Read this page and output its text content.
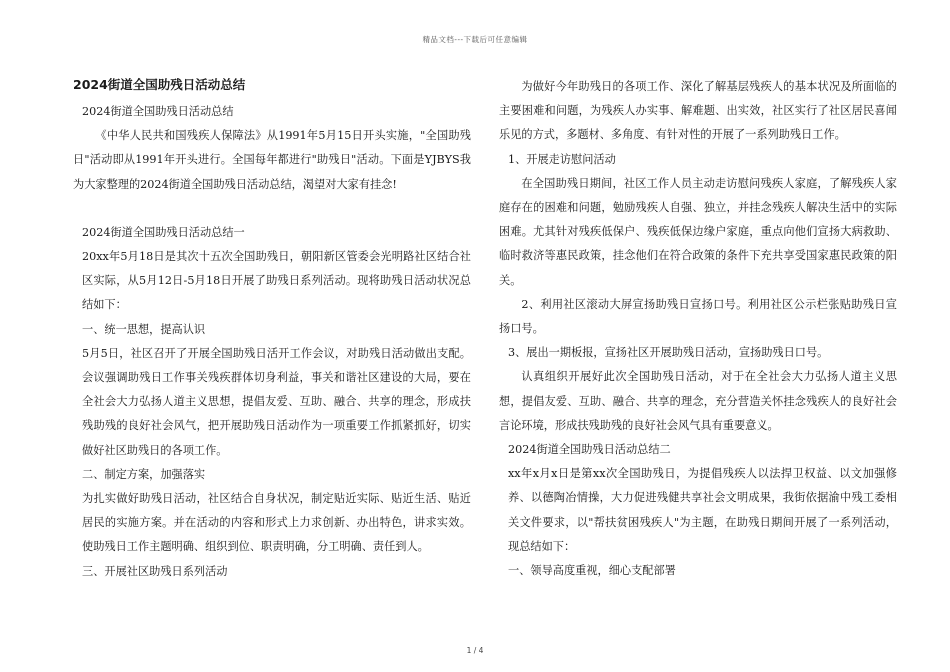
精品文档---下载后可任意编辑
2024街道全国助残日活动总结

2024街道全国助残日活动总结

《中华人民共和国残疾人保障法》从1991年5月15日开头实施，"全国助残日"活动即从1991年开头进行。全国每年都进行"助残日"活动。下面是YJBYS我为大家整理的2024街道全国助残日活动总结，渴望对大家有挂念!

2024街道全国助残日活动总结一

20xx年5月18日是其次十五次全国助残日，朝阳新区管委会光明路社区结合社区实际，从5月12日-5月18日开展了助残日系列活动。现将助残日活动状况总结如下：

一、统一思想，提高认识

5月5日，社区召开了开展全国助残日活开工作会议，对助残日活动做出支配。会议强调助残日工作事关残疾群体切身利益，事关和谐社区建设的大局，要在全社会大力弘扬人道主义思想，提倡友爱、互助、融合、共享的理念，形成扶残助残的良好社会风气，把开展助残日活动作为一项重要工作抓紧抓好，切实做好社区助残日的各项工作。

二、制定方案，加强落实

为扎实做好助残日活动，社区结合自身状况，制定贴近实际、贴近生活、贴近居民的实施方案。并在活动的内容和形式上力求创新、办出特色，讲求实效。使助残日工作主题明确、组织到位、职责明确，分工明确、责任到人。

三、开展社区助残日系列活动

为做好今年助残日的各项工作、深化了解基层残疾人的基本状况及所面临的主要困难和问题，为残疾人办实事、解难题、出实效，社区实行了社区居民喜闻乐见的方式，多题材、多角度、有针对性的开展了一系列助残日工作。

1、开展走访慰问活动

在全国助残日期间，社区工作人员主动走访慰问残疾人家庭，了解残疾人家庭存在的困难和问题，勉励残疾人自强、独立，并挂念残疾人解决生活中的实际困难。尤其针对残疾低保户、残疾低保边缘户家庭，重点向他们宣扬大病救助、临时救济等惠民政策，挂念他们在符合政策的条件下充共享受国家惠民政策的阳关。

2、利用社区滚动大屏宣扬助残日宣扬口号。利用社区公示栏张贴助残日宣扬口号。

3、展出一期板报，宣扬社区开展助残日活动，宣扬助残日口号。

认真组织开展好此次全国助残日活动，对于在全社会大力弘扬人道主义思想，提倡友爱、互助、融合、共享的理念，充分营造关怀挂念残疾人的良好社会言论环境，形成扶残助残的良好社会风气具有重要意义。

2024街道全国助残日活动总结二

xx年x月x日是第xx次全国助残日，为提倡残疾人以法捍卫权益、以文加强修养、以德陶冶情操，大力促进残健共享社会文明成果，我街依据渝中残工委相关文件要求，以"帮扶贫困残疾人"为主题，在助残日期间开展了一系列活动，现总结如下：

一、领导高度重视，细心支配部署

1 / 4
